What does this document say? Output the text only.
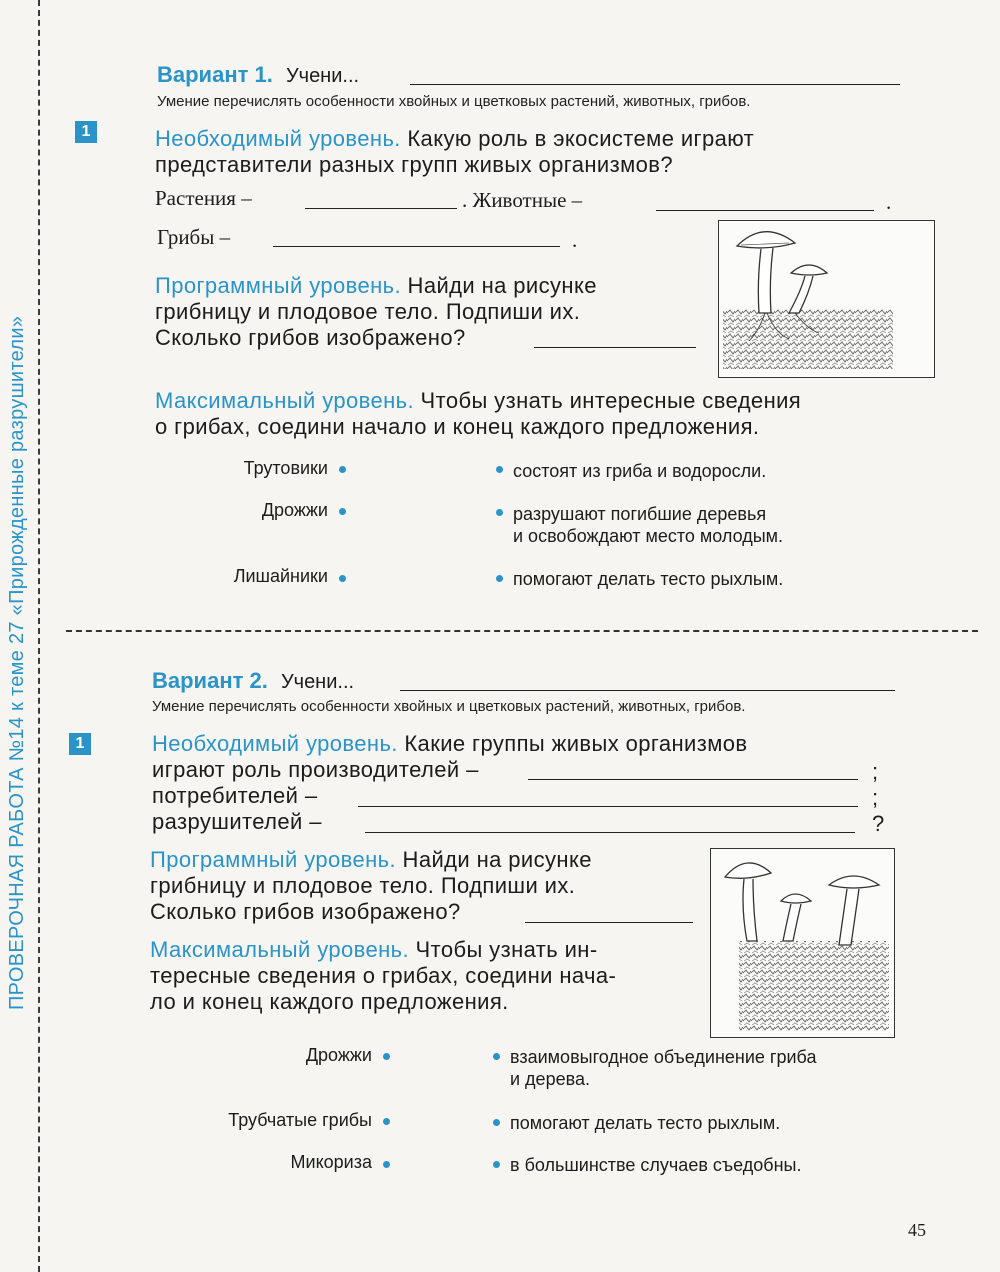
ПРОВЕРОЧНАЯ РАБОТА №14 к теме 27 «Прирожденные разрушители»
Вариант 1. Учени...
Умение перечислять особенности хвойных и цветковых растений, животных, грибов.
1	Необходимый уровень. Какую роль в экосистеме играют
представители разных групп живых организмов?
Растения –	. Животные –	.
Грибы –	.
Программный уровень. Найди на рисунке
грибницу и плодовое тело. Подпиши их.
Сколько грибов изображено?
Максимальный уровень. Чтобы узнать интересные сведения
о грибах, соедини начало и конец каждого предложения.
Трутовики
Дрожжи
Лишайники
состоят из гриба и водоросли.
разрушают погибшие деревья
и освобождают место молодым.
помогают делать тесто рыхлым.
Вариант 2. Учени...
Умение перечислять особенности хвойных и цветковых растений, животных, грибов.
1	Необходимый уровень. Какие группы живых организмов
играют роль производителей –
потребителей –
разрушителей –
;
;
?
Программный уровень. Найди на рисунке
грибницу и плодовое тело. Подпиши их.
Сколько грибов изображено?
Максимальный уровень. Чтобы узнать ин-
тересные сведения о грибах, соедини нача-
ло и конец каждого предложения.
Дрожжи
Трубчатые грибы
Микориза
взаимовыгодное объединение гриба
и дерева.
помогают делать тесто рыхлым.
в большинстве случаев съедобны.
45
